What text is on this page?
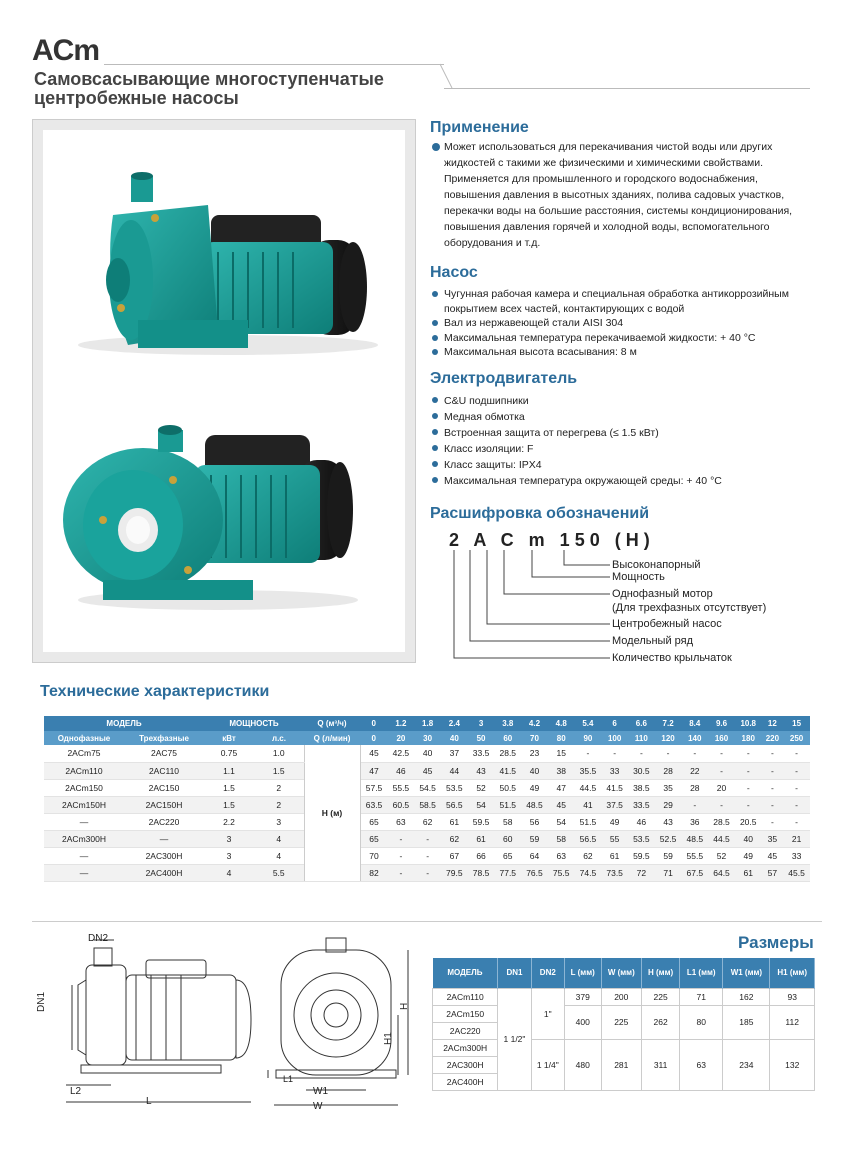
ACm
Самовсасывающие многоступенчатые
центробежные насосы
Применение

Может использоваться для перекачивания чистой воды или других жидкостей с такими же физическими и химическими свойствами. Применяется для промышленного и городского водоснабжения, повышения давления в высотных зданиях, полива садовых участков, перекачки воды на большие расстояния, системы кондиционирования, повышения давления горячей и холодной воды, вспомогательного оборудования и т.д.

Насос
Чугунная рабочая камера и специальная обработка антикоррозийным покрытием всех частей, контактирующих с водой
Вал из нержавеющей стали AISI 304
Максимальная температура перекачиваемой жидкости: + 40 °C
Максимальная высота всасывания: 8 м
Электродвигатель
C&U подшипники
Медная обмотка
Встроенная защита от перегрева (≤ 1.5 кВт)
Класс изоляции: F
Класс защиты: IPX4
Максимальная температура окружающей среды: + 40 °C
Расшифровка обозначений
2 A C m 150 (H)
Высоконапорный
Мощность
Однофазный мотор
(Для трехфазных отсутствует)
Центробежный насос
Модельный ряд
Количество крыльчаток
Технические характеристики
МОДЕЛЬ		МОЩНОСТЬ		Q (м³/ч)	0	1.2	1.8	2.4	3	3.8	4.2	4.8	5.4	6	6.6	7.2	8.4	9.6	10.8	12	15
Однофазные	Трехфазные	кВт	л.с.	Q (л/мин)	0	20	30	40	50	60	70	80	90	100	110	120	140	160	180	220	250
2ACm75	2AC75	0.75	1.0	H (м)	45	42.5	40	37	33.5	28.5	23	15	-	-	-	-	-	-	-	-	-
2ACm110	2AC110	1.1	1.5		47	46	45	44	43	41.5	40	38	35.5	33	30.5	28	22	-	-	-	-
2ACm150	2AC150	1.5	2		57.5	55.5	54.5	53.5	52	50.5	49	47	44.5	41.5	38.5	35	28	20	-	-	-
2ACm150H	2AC150H	1.5	2		63.5	60.5	58.5	56.5	54	51.5	48.5	45	41	37.5	33.5	29	-	-	-	-	-
—	2AC220	2.2	3		65	63	62	61	59.5	58	56	54	51.5	49	46	43	36	28.5	20.5	-	-
2ACm300H	—	3	4		65	-	-	62	61	60	59	58	56.5	55	53.5	52.5	48.5	44.5	40	35	21
—	2AC300H	3	4		70	-	-	67	66	65	64	63	62	61	59.5	59	55.5	52	49	45	33
—	2AC400H	4	5.5		82	-	-	79.5	78.5	77.5	76.5	75.5	74.5	73.5	72	71	67.5	64.5	61	57	45.5
DN2
DN1
L2
L
W1
W
H
H1
L1
Размеры
МОДЕЛЬ	DN1	DN2	L (мм)	W (мм)	H (мм)	L1 (мм)	W1 (мм)	H1 (мм)
2ACm110	1 1/2"	1"	379	200	225	71	162	93
2ACm150			400	225	262	80	185	112
2AC220								
2ACm300H		1 1/4"	480	281	311	63	234	132
2AC300H								
2AC400H								
